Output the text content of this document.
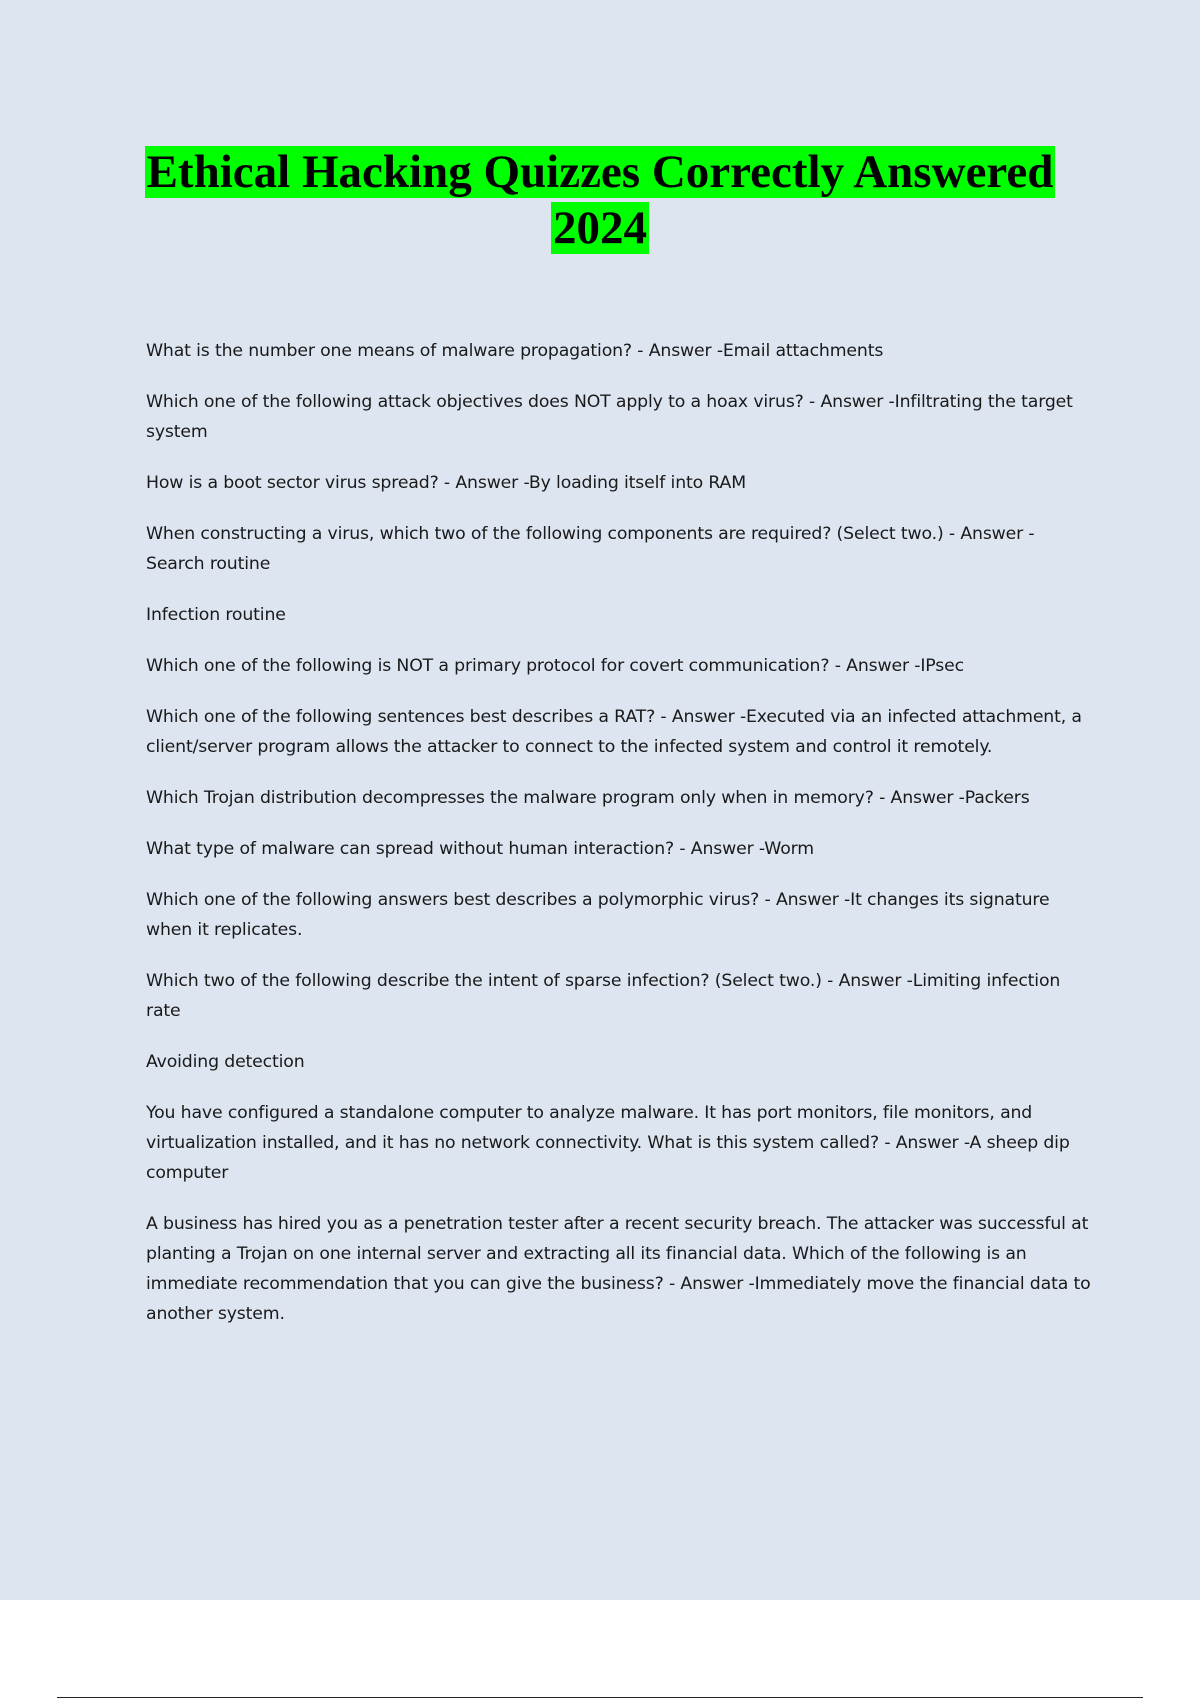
Ethical Hacking Quizzes Correctly Answered
2024

What is the number one means of malware propagation? - Answer -Email attachments

Which one of the following attack objectives does NOT apply to a hoax virus? - Answer -Infiltrating the target system

How is a boot sector virus spread? - Answer -By loading itself into RAM

When constructing a virus, which two of the following components are required? (Select two.) - Answer -Search routine

Infection routine

Which one of the following is NOT a primary protocol for covert communication? - Answer -IPsec

Which one of the following sentences best describes a RAT? - Answer -Executed via an infected attachment, a client/server program allows the attacker to connect to the infected system and control it remotely.

Which Trojan distribution decompresses the malware program only when in memory? - Answer -Packers

What type of malware can spread without human interaction? - Answer -Worm

Which one of the following answers best describes a polymorphic virus? - Answer -It changes its signature when it replicates.

Which two of the following describe the intent of sparse infection? (Select two.) - Answer -Limiting infection rate

Avoiding detection

You have configured a standalone computer to analyze malware. It has port monitors, file monitors, and virtualization installed, and it has no network connectivity. What is this system called? - Answer -A sheep dip computer

A business has hired you as a penetration tester after a recent security breach. The attacker was successful at planting a Trojan on one internal server and extracting all its financial data. Which of the following is an immediate recommendation that you can give the business? - Answer -Immediately move the financial data to another system.
